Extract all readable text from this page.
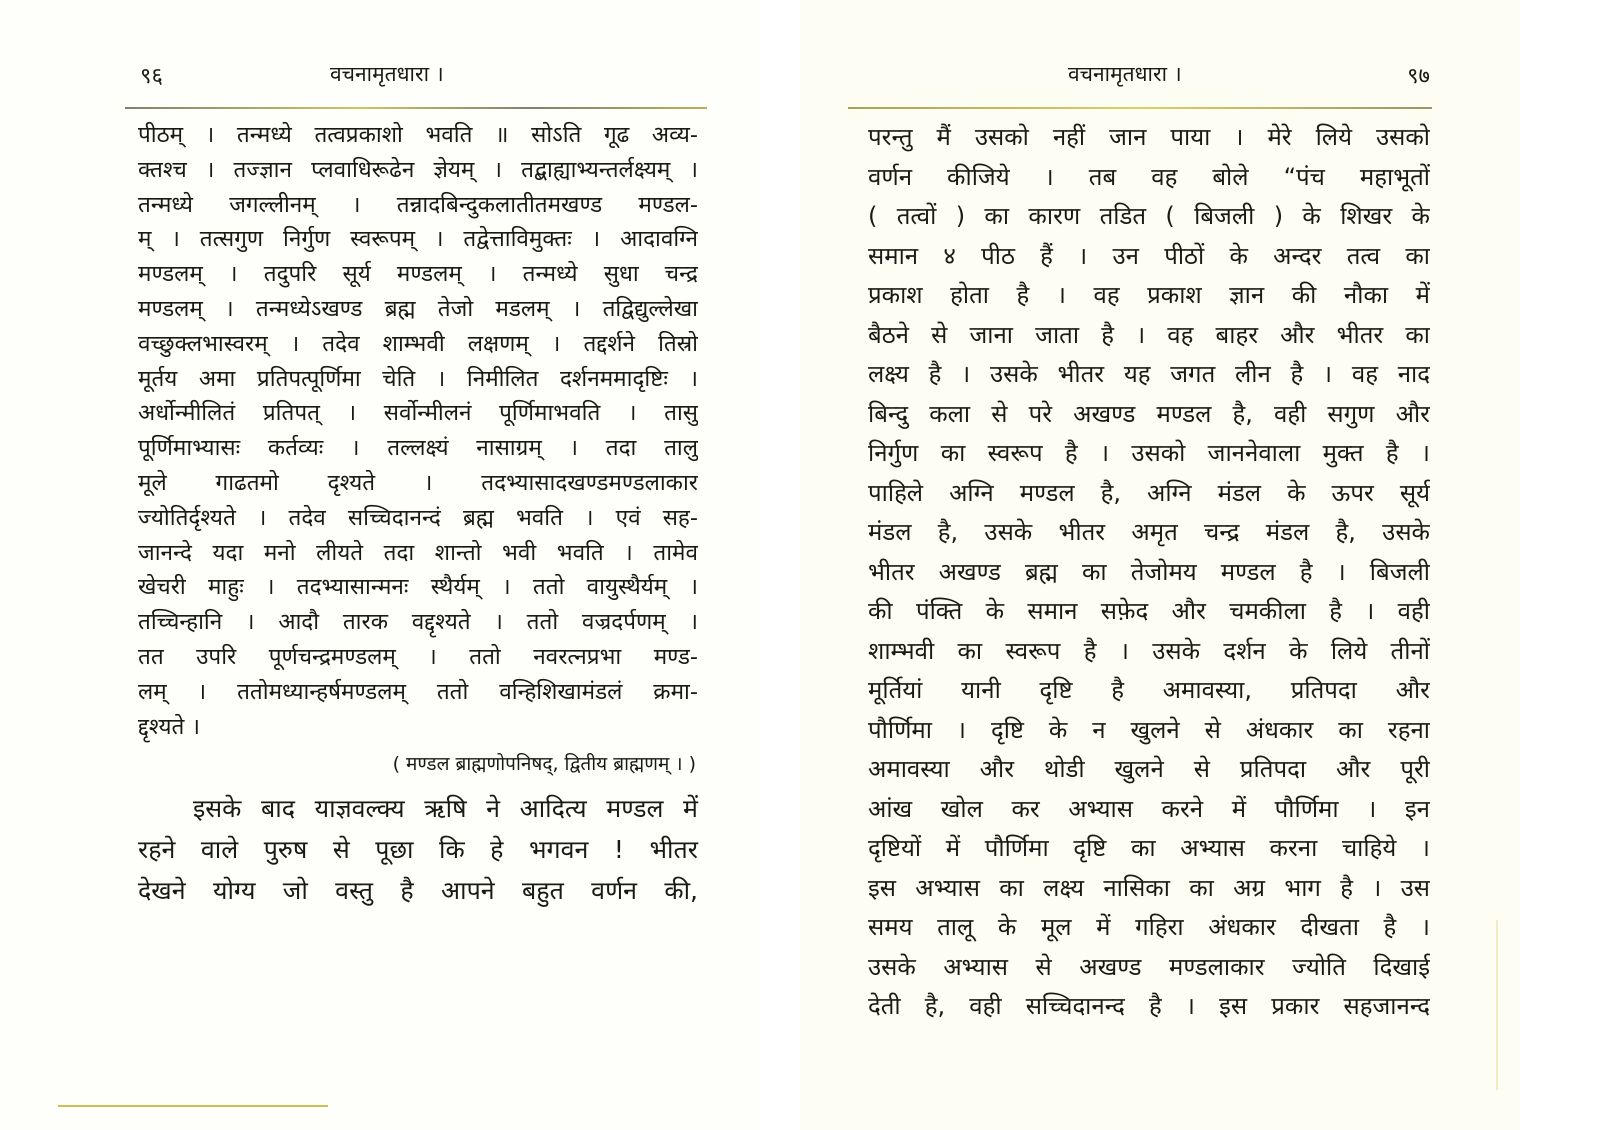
९६	वचनामृतधारा ।
पीठम् । तन्मध्ये तत्वप्रकाशो भवति ॥ सोऽति गूढ अव्य-
क्तश्च । तज्ज्ञान प्लवाधिरूढेन ज्ञेयम् । तद्बाह्याभ्यन्तर्लक्ष्यम् ।
तन्मध्ये जगल्लीनम् । तन्नादबिन्दुकलातीतमखण्ड मण्डल-
म् । तत्सगुण निर्गुण स्वरूपम् । तद्वेत्ताविमुक्तः । आदावग्नि
मण्डलम् । तदुपरि सूर्य मण्डलम् । तन्मध्ये सुधा चन्द्र
मण्डलम् । तन्मध्येऽखण्ड ब्रह्म तेजो मडलम् । तद्विद्युल्लेखा
वच्छुक्लभास्वरम् । तदेव शाम्भवी लक्षणम् । तद्दर्शने तिस्रो
मूर्तय अमा प्रतिपत्पूर्णिमा चेति । निमीलित दर्शनममादृष्टिः ।
अर्धोन्मीलितं प्रतिपत् । सर्वोन्मीलनं पूर्णिमाभवति । तासु
पूर्णिमाभ्यासः कर्तव्यः । तल्लक्ष्यं नासाग्रम् । तदा तालु
मूले गाढतमो दृश्यते । तदभ्यासादखण्डमण्डलाकार
ज्योतिर्दृश्यते । तदेव सच्चिदानन्दं ब्रह्म भवति । एवं सह-
जानन्दे यदा मनो लीयते तदा शान्तो भवी भवति । तामेव
खेचरी माहुः । तदभ्यासान्मनः स्थैर्यम् । ततो वायुस्थैर्यम् ।
तच्चिन्हानि । आदौ तारक वद्दृश्यते । ततो वज्रदर्पणम् ।
तत उपरि पूर्णचन्द्रमण्डलम् । ततो नवरत्नप्रभा मण्ड-
लम् । ततोमध्यान्हर्षमण्डलम् ततो वन्हिशिखामंडलं क्रमा-
द्दृश्यते ।
( मण्डल ब्राह्मणोपनिषद्, द्वितीय ब्राह्मणम् । )
इसके बाद याज्ञवल्क्य ऋषि ने आदित्य मण्डल में
रहने वाले पुरुष से पूछा कि हे भगवन ! भीतर
देखने योग्य जो वस्तु है आपने बहुत वर्णन की,
वचनामृतधारा ।	९७
परन्तु मैं उसको नहीं जान पाया । मेरे लिये उसको
वर्णन कीजिये । तब वह बोले “पंच महाभूतों
( तत्वों ) का कारण तडित ( बिजली ) के शिखर के
समान ४ पीठ हैं । उन पीठों के अन्दर तत्व का
प्रकाश होता है । वह प्रकाश ज्ञान की नौका में
बैठने से जाना जाता है । वह बाहर और भीतर का
लक्ष्य है । उसके भीतर यह जगत लीन है । वह नाद
बिन्दु कला से परे अखण्ड मण्डल है, वही सगुण और
निर्गुण का स्वरूप है । उसको जाननेवाला मुक्त है ।
पाहिले अग्नि मण्डल है, अग्नि मंडल के ऊपर सूर्य
मंडल है, उसके भीतर अमृत चन्द्र मंडल है, उसके
भीतर अखण्ड ब्रह्म का तेजोमय मण्डल है । बिजली
की पंक्ति के समान सफ़ेद और चमकीला है । वही
शाम्भवी का स्वरूप है । उसके दर्शन के लिये तीनों
मूर्तियां यानी दृष्टि है अमावस्या, प्रतिपदा और
पौर्णिमा । दृष्टि के न खुलने से अंधकार का रहना
अमावस्या और थोडी खुलने से प्रतिपदा और पूरी
आंख खोल कर अभ्यास करने में पौर्णिमा । इन
दृष्टियों में पौर्णिमा दृष्टि का अभ्यास करना चाहिये ।
इस अभ्यास का लक्ष्य नासिका का अग्र भाग है । उस
समय तालू के मूल में गहिरा अंधकार दीखता है ।
उसके अभ्यास से अखण्ड मण्डलाकार ज्योति दिखाई
देती है, वही सच्चिदानन्द है । इस प्रकार सहजानन्द
